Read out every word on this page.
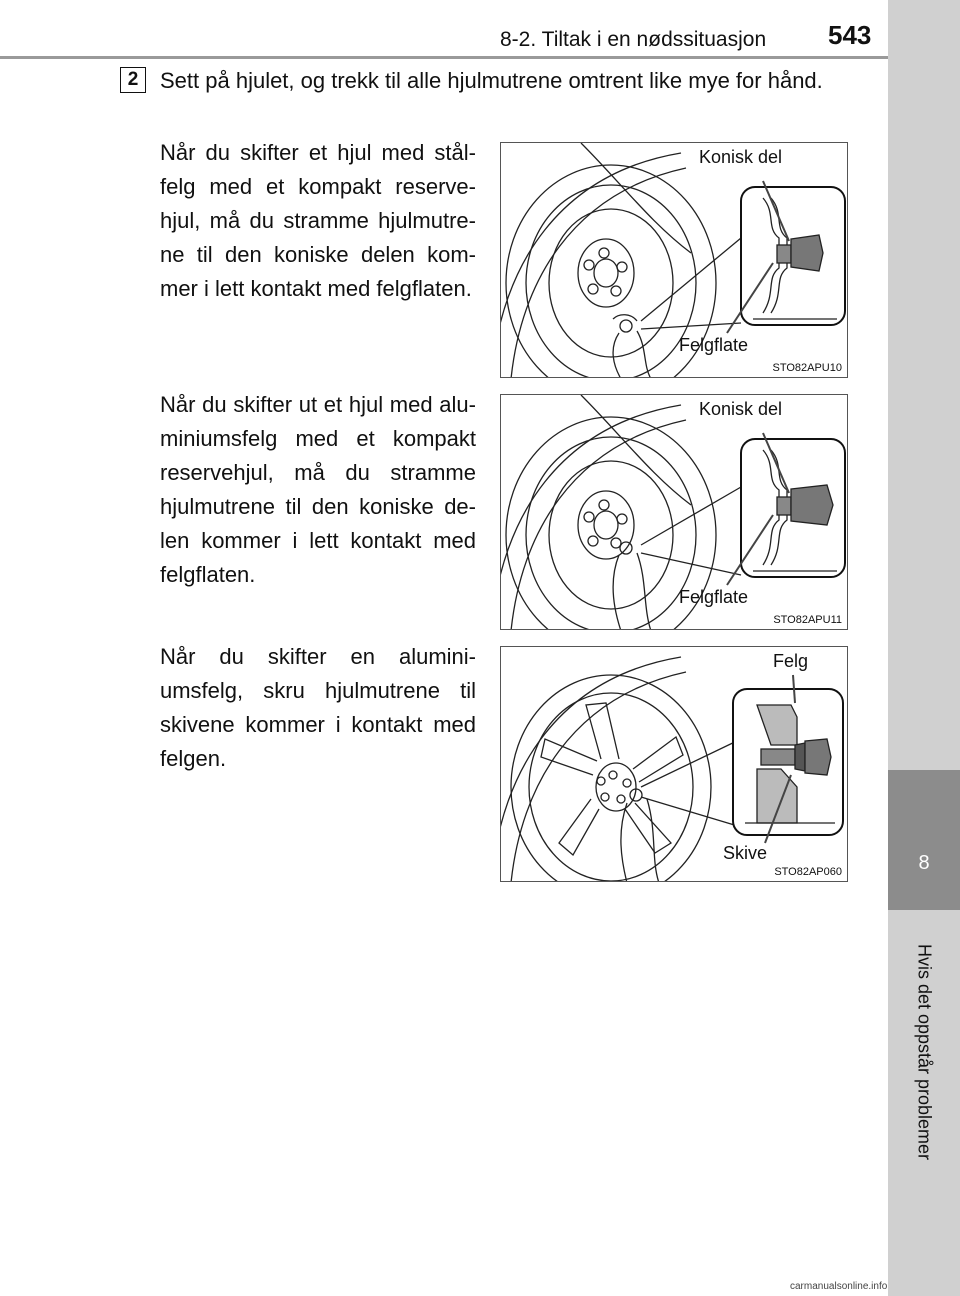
8-2. Tiltak i en nødssituasjon 543
8
Hvis det oppstår problemer
2 Sett på hjulet, og trekk til alle hjulmutrene omtrent like mye for hånd.
Når du skifter et hjul med stål-felg med et kompakt reserve-hjul, må du stramme hjulmutre-ne til den koniske delen kom-mer i lett kontakt med felgflaten.
Når du skifter ut et hjul med alu-miniumsfelg med et kompakt reservehjul, må du stramme hjulmutrene til den koniske de-len kommer i lett kontakt med felgflaten.
Når du skifter en alumini-umsfelg, skru hjulmutrene til skivene kommer i kontakt med felgen.
Konisk del
Felgflate
STO82APU10
Konisk del
Felgflate
STO82APU11
Felg
Skive
STO82AP060
carmanualsonline.info
